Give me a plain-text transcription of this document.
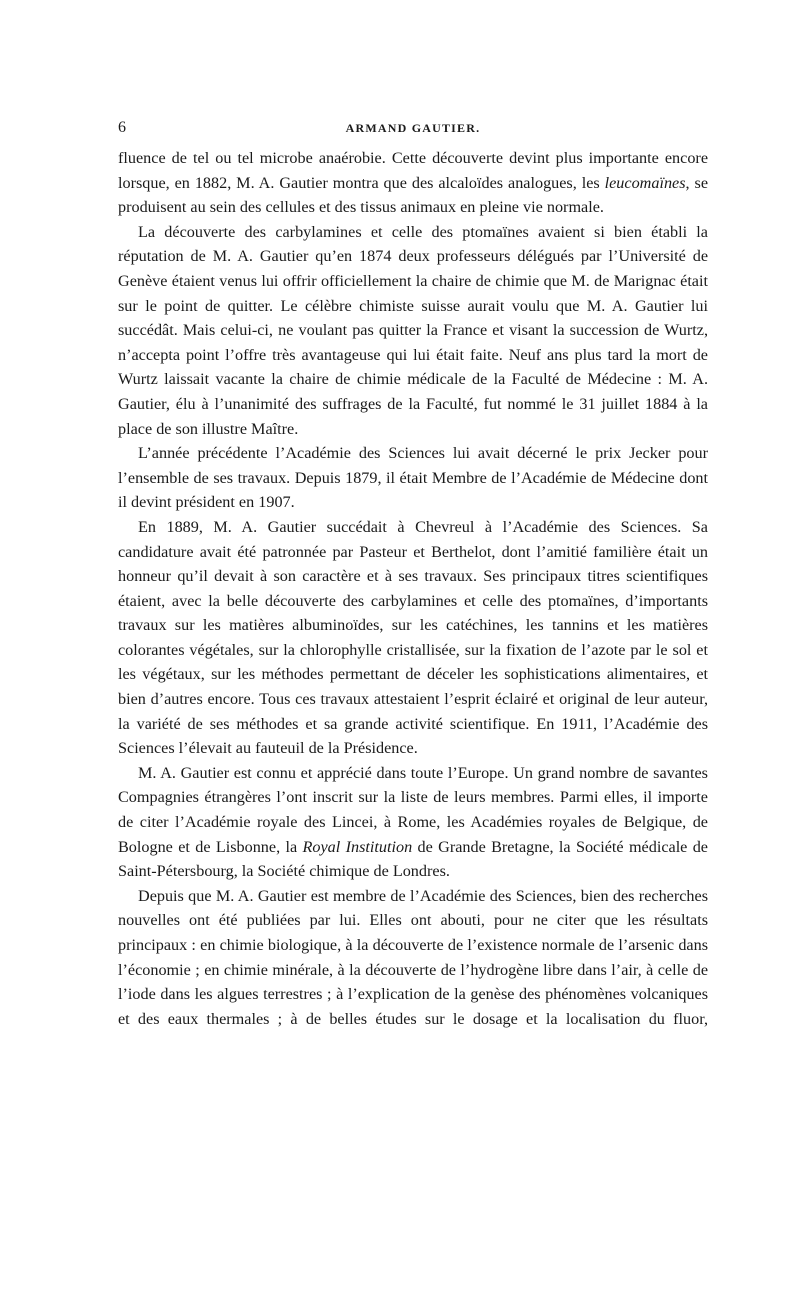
6	ARMAND GAUTIER.

fluence de tel ou tel microbe anaérobie. Cette découverte devint plus importante encore lorsque, en 1882, M. A. Gautier montra que des alcaloïdes analogues, les leucomaïnes, se produisent au sein des cellules et des tissus animaux en pleine vie normale.

La découverte des carbylamines et celle des ptomaïnes avaient si bien établi la réputation de M. A. Gautier qu’en 1874 deux professeurs délégués par l’Université de Genève étaient venus lui offrir officiellement la chaire de chimie que M. de Marignac était sur le point de quitter. Le célèbre chimiste suisse aurait voulu que M. A. Gautier lui succédât. Mais celui-ci, ne voulant pas quitter la France et visant la succession de Wurtz, n’accepta point l’offre très avantageuse qui lui était faite. Neuf ans plus tard la mort de Wurtz laissait vacante la chaire de chimie médicale de la Faculté de Médecine : M. A. Gautier, élu à l’unanimité des suffrages de la Faculté, fut nommé le 31 juillet 1884 à la place de son illustre Maître.

L’année précédente l’Académie des Sciences lui avait décerné le prix Jecker pour l’ensemble de ses travaux. Depuis 1879, il était Membre de l’Académie de Médecine dont il devint président en 1907.

En 1889, M. A. Gautier succédait à Chevreul à l’Académie des Sciences. Sa candidature avait été patronnée par Pasteur et Berthelot, dont l’amitié familière était un honneur qu’il devait à son caractère et à ses travaux. Ses principaux titres scientifiques étaient, avec la belle découverte des carbylamines et celle des ptomaïnes, d’importants travaux sur les matières albuminoïdes, sur les catéchines, les tannins et les matières colorantes végétales, sur la chlorophylle cristallisée, sur la fixation de l’azote par le sol et les végétaux, sur les méthodes permettant de déceler les sophistications alimentaires, et bien d’autres encore. Tous ces travaux attestaient l’esprit éclairé et original de leur auteur, la variété de ses méthodes et sa grande activité scientifique. En 1911, l’Académie des Sciences l’élevait au fauteuil de la Présidence.

M. A. Gautier est connu et apprécié dans toute l’Europe. Un grand nombre de savantes Compagnies étrangères l’ont inscrit sur la liste de leurs membres. Parmi elles, il importe de citer l’Académie royale des Lincei, à Rome, les Académies royales de Belgique, de Bologne et de Lisbonne, la Royal Institution de Grande Bretagne, la Société médicale de Saint-Pétersbourg, la Société chimique de Londres.

Depuis que M. A. Gautier est membre de l’Académie des Sciences, bien des recherches nouvelles ont été publiées par lui. Elles ont abouti, pour ne citer que les résultats principaux : en chimie biologique, à la découverte de l’existence normale de l’arsenic dans l’économie ; en chimie minérale, à la découverte de l’hydrogène libre dans l’air, à celle de l’iode dans les algues terrestres ; à l’explication de la genèse des phénomènes volcaniques et des eaux thermales ; à de belles études sur le dosage et la localisation du fluor,
